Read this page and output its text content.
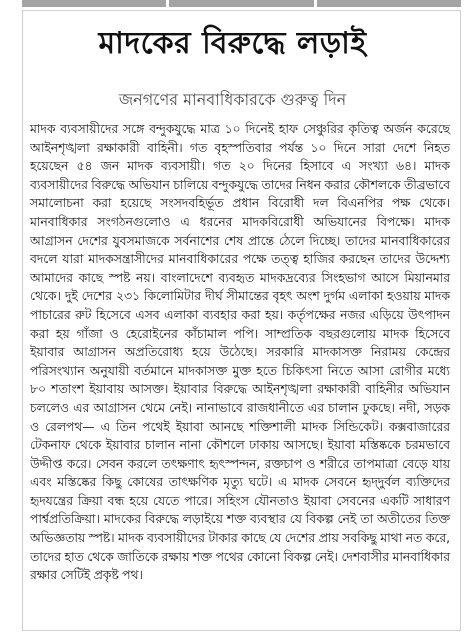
মাদকের বিরুদ্ধে লড়াই
জনগণের মানবাধিকারকে গুরুত্ব দিন

মাদক ব্যবসায়ীদের সঙ্গে বন্দুকযুদ্ধে মাত্র ১০ দিনেই হাফ সেঞ্চুরির কৃতিত্ব অর্জন করেছে আইনশৃঙ্খলা রক্ষাকারী বাহিনী। গত বৃহস্পতিবার পর্যন্ত ১০ দিনে সারা দেশে নিহত হয়েছেন ৫৪ জন মাদক ব্যবসায়ী। গত ২০ দিনের হিসাবে এ সংখ্যা ৬৪। মাদক ব্যবসায়ীদের বিরুদ্ধে অভিযান চালিয়ে বন্দুকযুদ্ধে তাদের নিধন করার কৌশলকে তীব্রভাবে সমালোচনা করা হয়েছে সংসদবহির্ভূত প্রধান বিরোধী দল বিএনপির পক্ষ থেকে। মানবাধিকার সংগঠনগুলোও এ ধরনের মাদকবিরোধী অভিযানের বিপক্ষে। মাদক আগ্রাসন দেশের যুবসমাজকে সর্বনাশের শেষ প্রান্তে ঠেলে দিচ্ছে। তাদের মানবাধিকারের বদলে যারা মাদকসন্ত্রাসীদের মানবাধিকারের পক্ষে তত্ত্ব হাজির করছেন তাদের উদ্দেশ্য আমাদের কাছে স্পষ্ট নয়। বাংলাদেশে ব্যবহৃত মাদকদ্রব্যের সিংহভাগ আসে মিয়ানমার থেকে। দুই দেশের ২৩১ কিলোমিটার দীর্ঘ সীমান্তের বৃহৎ অংশ দুর্গম এলাকা হওয়ায় মাদক পাচারের রুট হিসেবে এসব এলাকা ব্যবহার করা হয়। কর্তৃপক্ষের নজর এড়িয়ে উৎপাদন করা হয় গাঁজা ও হেরোইনের কাঁচামাল পপি। সাম্প্রতিক বছরগুলোয় মাদক হিসেবে ইয়াবার আগ্রাসন অপ্রতিরোধ্য হয়ে উঠেছে। সরকারি মাদকাসক্ত নিরাময় কেন্দ্রের পরিসংখ্যান অনুযায়ী বর্তমানে মাদকাসক্ত মুক্ত হতে চিকিৎসা নিতে আসা রোগীর মধ্যে ৮০ শতাংশ ইয়াবায় আসক্ত। ইয়াবার বিরুদ্ধে আইনশৃঙ্খলা রক্ষাকারী বাহিনীর অভিযান চললেও এর আগ্রাসন থেমে নেই। নানাভাবে রাজধানীতে এর চালান ঢুকছে। নদী, সড়ক ও রেলপথ— এ তিন পথেই ইয়াবা আনছে শক্তিশালী মাদক সিন্ডিকেট। কক্সবাজারের টেকনাফ থেকে ইয়াবার চালান নানা কৌশলে ঢাকায় আসছে। ইয়াবা মস্তিষ্ককে চরমভাবে উদ্দীপ্ত করে। সেবন করলে তৎক্ষণাৎ হৃৎস্পন্দন, রক্তচাপ ও শরীরে তাপমাত্রা বেড়ে যায় এবং মস্তিষ্কের কিছু কোষের তাৎক্ষণিক মৃত্যু ঘটে। এ মাদক সেবনে হৃদ্‌দুর্বল ব্যক্তিদের হৃদযন্ত্রের ক্রিয়া বন্ধ হয়ে যেতে পারে। সহিংস যৌনতাও ইয়াবা সেবনের একটি সাধারণ পার্শ্বপ্রতিক্রিয়া। মাদকের বিরুদ্ধে লড়াইয়ে শক্ত ব্যবস্থার যে বিকল্প নেই তা অতীতের তিক্ত অভিজ্ঞতায় স্পষ্ট। মাদক ব্যবসায়ীদের টাকার কাছে যে দেশের প্রায় সবকিছু মাথা নত করে, তাদের হাত থেকে জাতিকে রক্ষায় শক্ত পথের কোনো বিকল্প নেই। দেশবাসীর মানবাধিকার রক্ষার সেটিই প্রকৃষ্ট পথ।
